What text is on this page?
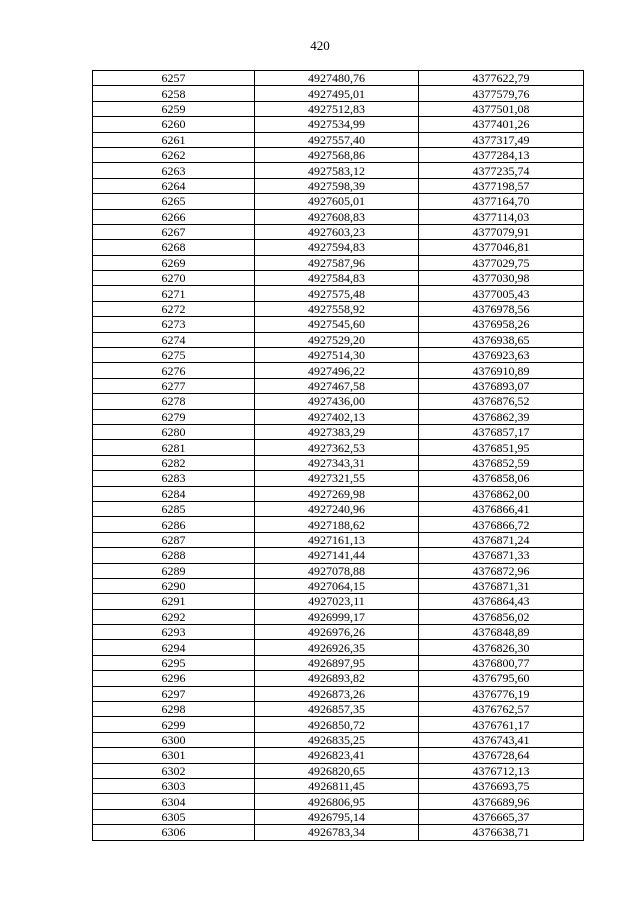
420
6257	4927480,76	4377622,79
6258	4927495,01	4377579,76
6259	4927512,83	4377501,08
6260	4927534,99	4377401,26
6261	4927557,40	4377317,49
6262	4927568,86	4377284,13
6263	4927583,12	4377235,74
6264	4927598,39	4377198,57
6265	4927605,01	4377164,70
6266	4927608,83	4377114,03
6267	4927603,23	4377079,91
6268	4927594,83	4377046,81
6269	4927587,96	4377029,75
6270	4927584,83	4377030,98
6271	4927575,48	4377005,43
6272	4927558,92	4376978,56
6273	4927545,60	4376958,26
6274	4927529,20	4376938,65
6275	4927514,30	4376923,63
6276	4927496,22	4376910,89
6277	4927467,58	4376893,07
6278	4927436,00	4376876,52
6279	4927402,13	4376862,39
6280	4927383,29	4376857,17
6281	4927362,53	4376851,95
6282	4927343,31	4376852,59
6283	4927321,55	4376858,06
6284	4927269,98	4376862,00
6285	4927240,96	4376866,41
6286	4927188,62	4376866,72
6287	4927161,13	4376871,24
6288	4927141,44	4376871,33
6289	4927078,88	4376872,96
6290	4927064,15	4376871,31
6291	4927023,11	4376864,43
6292	4926999,17	4376856,02
6293	4926976,26	4376848,89
6294	4926926,35	4376826,30
6295	4926897,95	4376800,77
6296	4926893,82	4376795,60
6297	4926873,26	4376776,19
6298	4926857,35	4376762,57
6299	4926850,72	4376761,17
6300	4926835,25	4376743,41
6301	4926823,41	4376728,64
6302	4926820,65	4376712,13
6303	4926811,45	4376693,75
6304	4926806,95	4376689,96
6305	4926795,14	4376665,37
6306	4926783,34	4376638,71
